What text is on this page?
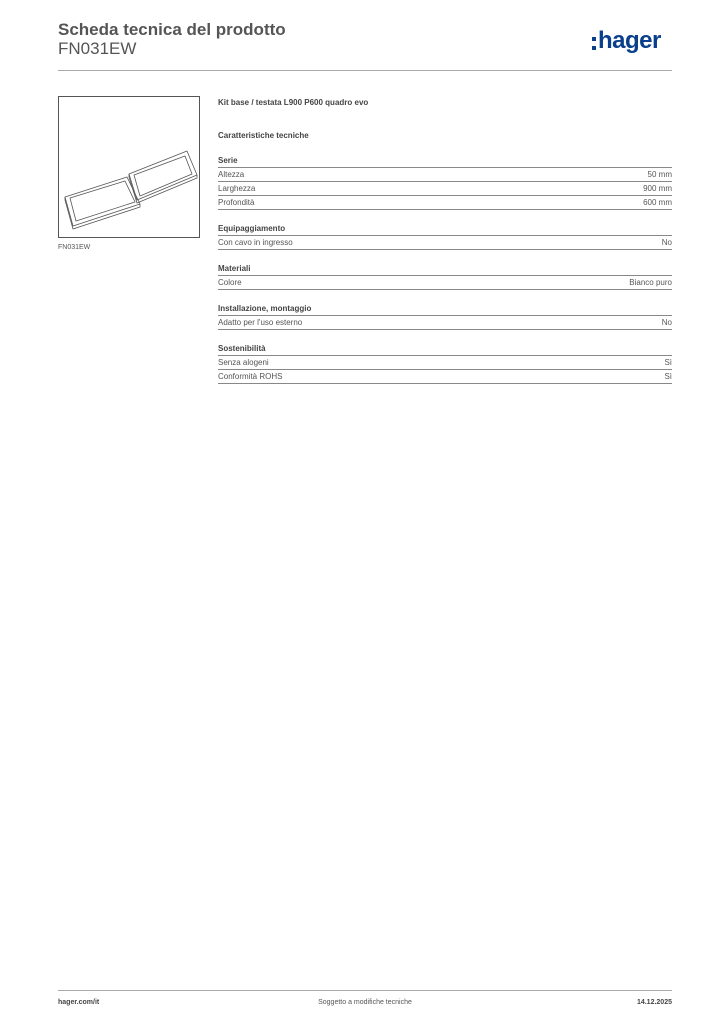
Scheda tecnica del prodotto
FN031EW	hager
FN031EW
Kit base / testata L900 P600 quadro evo
Caratteristiche tecniche
Serie
Altezza	50 mm
Larghezza	900 mm
Profondità	600 mm
Equipaggiamento
Con cavo in ingresso	No
Materiali
Colore	Bianco puro
Installazione, montaggio
Adatto per l'uso esterno	No
Sostenibilità
Senza alogeni	Sì
Conformità ROHS	Sì
hager.com/it	Soggetto a modifiche tecniche	14.12.2025
